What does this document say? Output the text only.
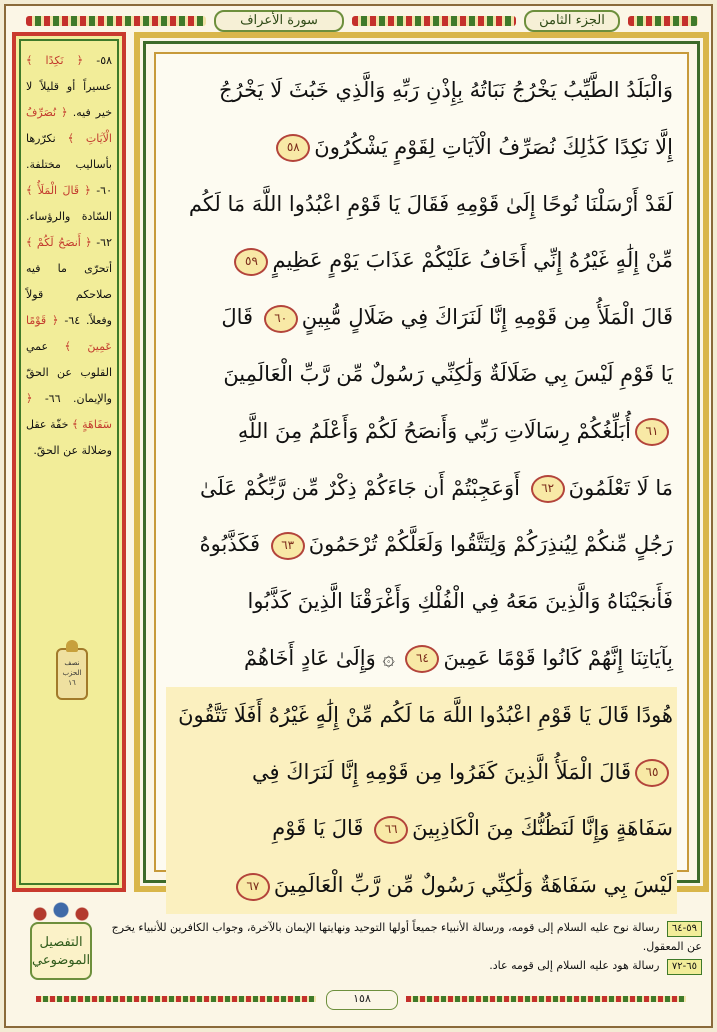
سورة الأعراف	الجزء الثامن
٥٨- ﴿ نَكِدًا ﴾ عسيراً أو قليلاً لا خير فيه. ﴿ نُصَرِّفُ الْآيَاتِ ﴾ نكرّرها بأساليب مختلفة. ٦٠- ﴿ قَالَ الْمَلَأُ ﴾ السّادة والرؤساء. ٦٢- ﴿ أَنصَحُ لَكُمْ ﴾ أتحرّى ما فيه صلاحكم قولاً وفعلاً. ٦٤- ﴿ قَوْمًا عَمِينَ ﴾ عمي القلوب عن الحقّ والإيمان. ٦٦- ﴿ سَفَاهَةٍ ﴾ خفّة عقل وضلالة عن الحقّ.
نصف الحزب ١٦
وَالْبَلَدُ الطَّيِّبُ يَخْرُجُ نَبَاتُهُ بِإِذْنِ رَبِّهِ وَالَّذِي خَبُثَ لَا يَخْرُجُ
إِلَّا نَكِدًا كَذَٰلِكَ نُصَرِّفُ الْآيَاتِ لِقَوْمٍ يَشْكُرُونَ٥٨
لَقَدْ أَرْسَلْنَا نُوحًا إِلَىٰ قَوْمِهِ فَقَالَ يَا قَوْمِ اعْبُدُوا اللَّهَ مَا لَكُم
مِّنْ إِلَٰهٍ غَيْرُهُ إِنِّي أَخَافُ عَلَيْكُمْ عَذَابَ يَوْمٍ عَظِيمٍ٥٩
قَالَ الْمَلَأُ مِن قَوْمِهِ إِنَّا لَنَرَاكَ فِي ضَلَالٍ مُّبِينٍ٦٠ قَالَ
يَا قَوْمِ لَيْسَ بِي ضَلَالَةٌ وَلَٰكِنِّي رَسُولٌ مِّن رَّبِّ الْعَالَمِينَ
٦١أُبَلِّغُكُمْ رِسَالَاتِ رَبِّي وَأَنصَحُ لَكُمْ وَأَعْلَمُ مِنَ اللَّهِ
مَا لَا تَعْلَمُونَ٦٢ أَوَعَجِبْتُمْ أَن جَاءَكُمْ ذِكْرٌ مِّن رَّبِّكُمْ عَلَىٰ
رَجُلٍ مِّنكُمْ لِيُنذِرَكُمْ وَلِتَتَّقُوا وَلَعَلَّكُمْ تُرْحَمُونَ٦٣ فَكَذَّبُوهُ
فَأَنجَيْنَاهُ وَالَّذِينَ مَعَهُ فِي الْفُلْكِ وَأَغْرَقْنَا الَّذِينَ كَذَّبُوا
بِآيَاتِنَا إِنَّهُمْ كَانُوا قَوْمًا عَمِينَ٦٤ ۞ وَإِلَىٰ عَادٍ أَخَاهُمْ
هُودًا قَالَ يَا قَوْمِ اعْبُدُوا اللَّهَ مَا لَكُم مِّنْ إِلَٰهٍ غَيْرُهُ أَفَلَا تَتَّقُونَ
٦٥قَالَ الْمَلَأُ الَّذِينَ كَفَرُوا مِن قَوْمِهِ إِنَّا لَنَرَاكَ فِي
سَفَاهَةٍ وَإِنَّا لَنَظُنُّكَ مِنَ الْكَاذِبِينَ٦٦ قَالَ يَا قَوْمِ
لَيْسَ بِي سَفَاهَةٌ وَلَٰكِنِّي رَسُولٌ مِّن رَّبِّ الْعَالَمِينَ٦٧
التفصيل
الموضوعي
٥٩-٦٤ رسالة نوح عليه السلام إلى قومه، ورسالة الأنبياء جميعاً أولها التوحيد ونهايتها الإيمان بالآخرة، وجواب الكافرين للأنبياء يخرج عن المعقول.
٦٥-٧٢ رسالة هود عليه السلام إلى قومه عاد.
١٥٨
